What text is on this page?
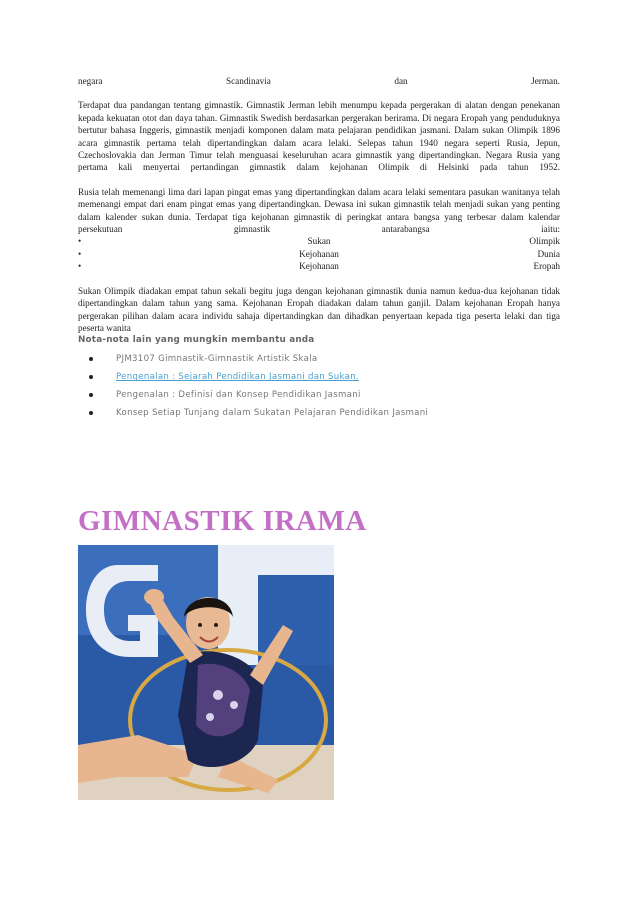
negara	Scandinavia	dan	Jerman.

Terdapat dua pandangan tentang gimnastik. Gimnastik Jerman lebih menumpu kepada pergerakan di alatan dengan penekanan kepada kekuatan otot dan daya tahan. Gimnastik Swedish berdasarkan pergerakan berirama. Di negara Eropah yang penduduknya bertutur bahasa Inggeris, gimnastik menjadi komponen dalam mata pelajaran pendidikan jasmani. Dalam sukan Olimpik 1896 acara gimnastik pertama telah dipertandingkan dalam acara lelaki. Selepas tahun 1940 negara seperti Rusia, Jepun, Czechoslovakia dan Jerman Timur telah menguasai keseluruhan acara gimnastik yang dipertandingkan. Negara Rusia yang pertama kali menyertai pertandingan gimnastik dalam kejohanan Olimpik di Helsinki pada tahun 1952.

Rusia telah memenangi lima dari lapan pingat emas yang dipertandingkan dalam acara lelaki sementara pasukan wanitanya telah memenangi empat dari enam pingat emas yang dipertandingkan. Dewasa ini sukan gimnastik telah menjadi sukan yang penting dalam kalender sukan dunia. Terdapat tiga kejohanan gimnastik di peringkat antara bangsa yang terbesar dalam kalendar persekutuan gimnastik antarabangsa iaitu:

•	Sukan	Olimpik
•	Kejohanan	Dunia
•	Kejohanan	Eropah

Sukan Olimpik diadakan empat tahun sekali begitu juga dengan kejohanan gimnastik dunia namun kedua-dua kejohanan tidak dipertandingkan dalam tahun yang sama. Kejohanan Eropah diadakan dalam tahun ganjil. Dalam kejohanan Eropah hanya pergerakan pilihan dalam acara individu sahaja dipertandingkan dan dihadkan penyertaan kepada tiga peserta lelaki dan tiga peserta wanita

Nota-nota lain yang mungkin membantu anda
PJM3107 Gimnastik-Gimnastik Artistik Skala
Pengenalan : Sejarah Pendidikan Jasmani dan Sukan.
Pengenalan : Definisi dan Konsep Pendidikan Jasmani
Konsep Setiap Tunjang dalam Sukatan Pelajaran Pendidikan Jasmani
GIMNASTIK IRAMA
